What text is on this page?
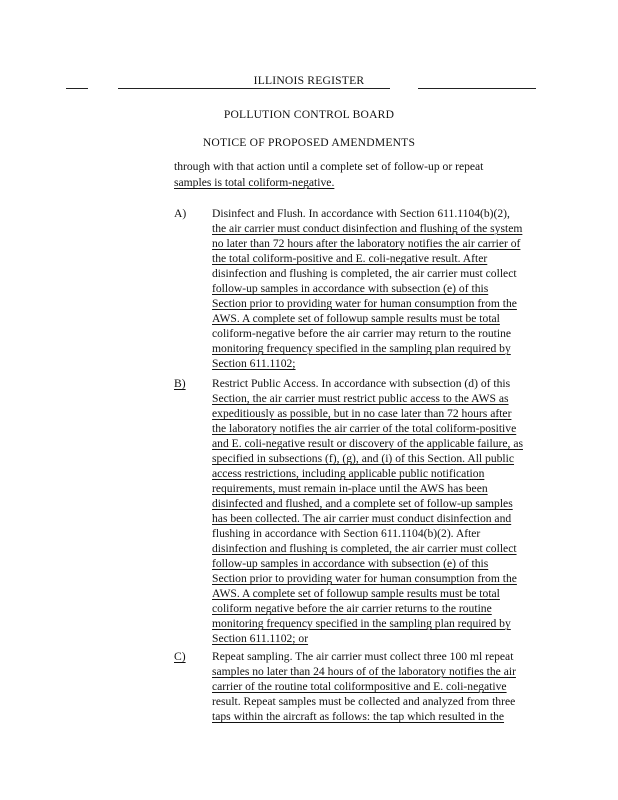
ILLINOIS REGISTER
POLLUTION CONTROL BOARD
NOTICE OF PROPOSED AMENDMENTS
through with that action until a complete set of follow-up or repeat
samples is total coliform-negative.
A) Disinfect and Flush. In accordance with Section 611.1104(b)(2),
the air carrier must conduct disinfection and flushing of the system
no later than 72 hours after the laboratory notifies the air carrier of
the total coliform-positive and E. coli-negative result. After
disinfection and flushing is completed, the air carrier must collect
follow-up samples in accordance with subsection (e) of this
Section prior to providing water for human consumption from the
AWS. A complete set of followup sample results must be total
coliform-negative before the air carrier may return to the routine
monitoring frequency specified in the sampling plan required by
Section 611.1102;
B) Restrict Public Access. In accordance with subsection (d) of this
Section, the air carrier must restrict public access to the AWS as
expeditiously as possible, but in no case later than 72 hours after
the laboratory notifies the air carrier of the total coliform-positive
and E. coli-negative result or discovery of the applicable failure, as
specified in subsections (f), (g), and (i) of this Section. All public
access restrictions, including applicable public notification
requirements, must remain in-place until the AWS has been
disinfected and flushed, and a complete set of follow-up samples
has been collected. The air carrier must conduct disinfection and
flushing in accordance with Section 611.1104(b)(2). After
disinfection and flushing is completed, the air carrier must collect
follow-up samples in accordance with subsection (e) of this
Section prior to providing water for human consumption from the
AWS. A complete set of followup sample results must be total
coliform negative before the air carrier returns to the routine
monitoring frequency specified in the sampling plan required by
Section 611.1102; or
C) Repeat sampling. The air carrier must collect three 100 ml repeat
samples no later than 24 hours of of the laboratory notifies the air
carrier of the routine total coliformpositive and E. coli-negative
result. Repeat samples must be collected and analyzed from three
taps within the aircraft as follows: the tap which resulted in the
